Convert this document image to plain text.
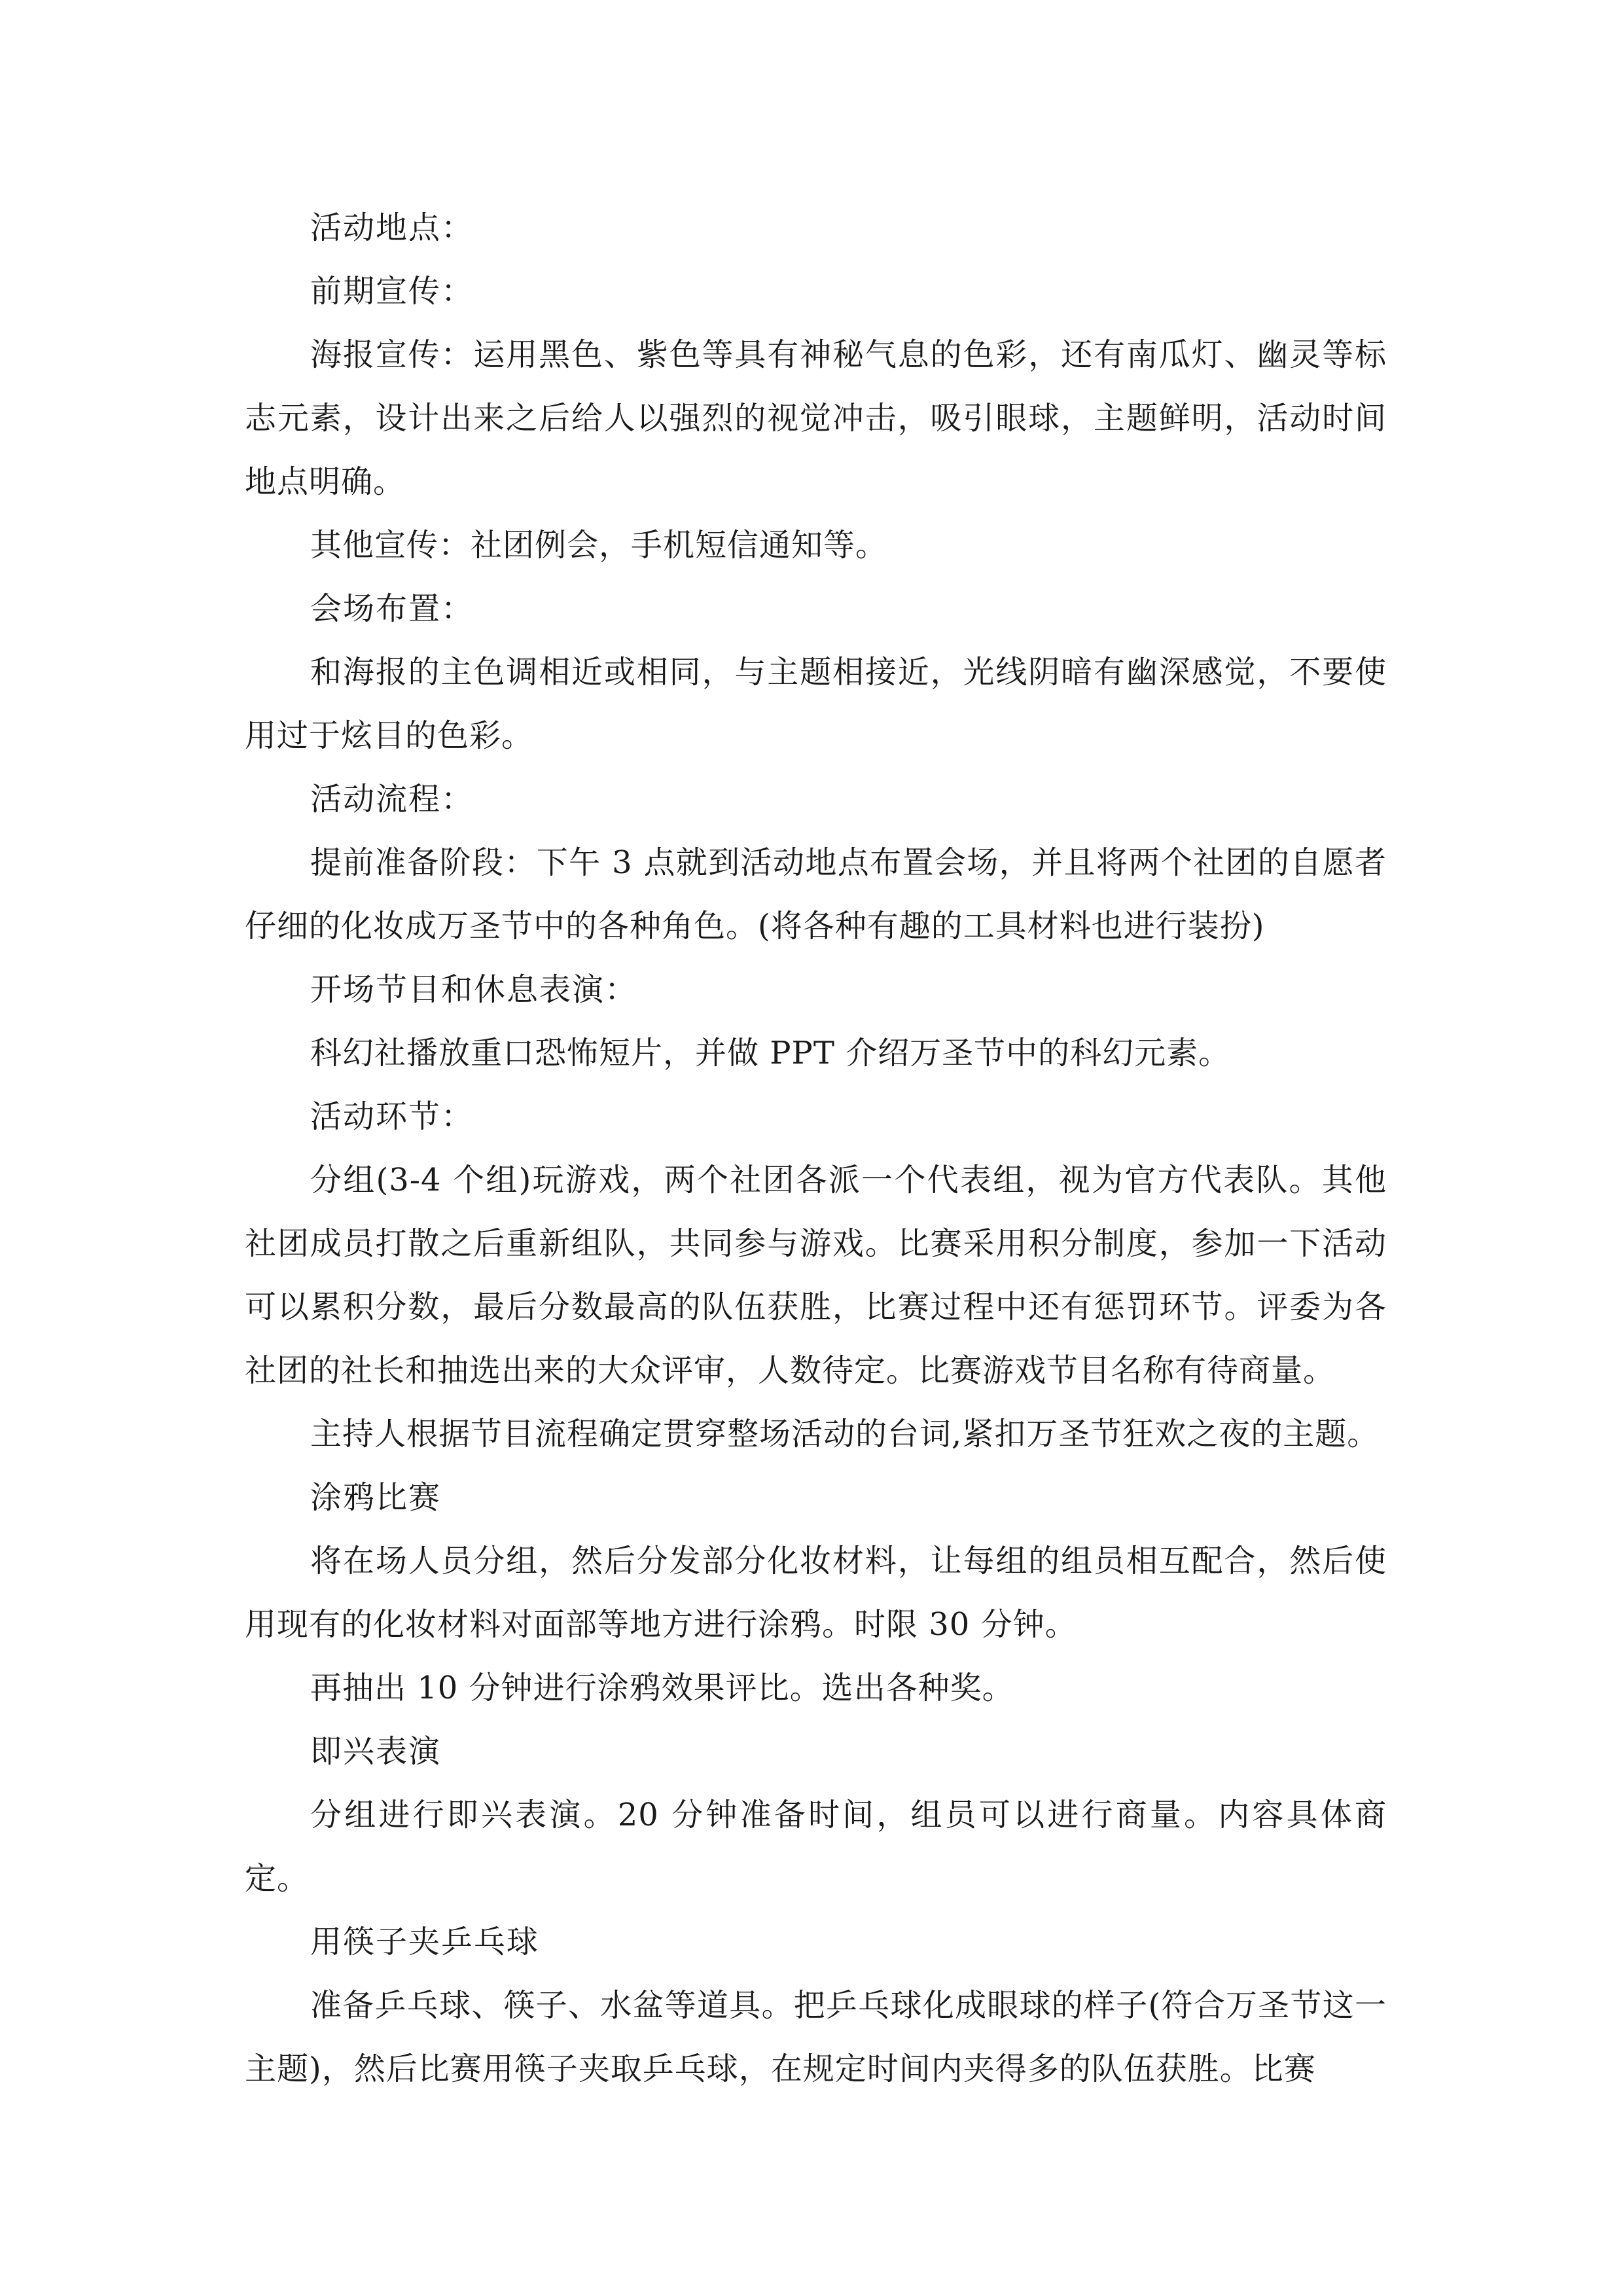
活动地点：

前期宣传：

海报宣传：运用黑色、紫色等具有神秘气息的色彩，还有南瓜灯、幽灵等标志元素，设计出来之后给人以强烈的视觉冲击，吸引眼球，主题鲜明，活动时间地点明确。

其他宣传：社团例会，手机短信通知等。

会场布置：

和海报的主色调相近或相同，与主题相接近，光线阴暗有幽深感觉，不要使用过于炫目的色彩。

活动流程：

提前准备阶段：下午 3 点就到活动地点布置会场，并且将两个社团的自愿者仔细的化妆成万圣节中的各种角色。(将各种有趣的工具材料也进行装扮)

开场节目和休息表演：

科幻社播放重口恐怖短片，并做 PPT 介绍万圣节中的科幻元素。

活动环节：

分组(3-4 个组)玩游戏，两个社团各派一个代表组，视为官方代表队。其他社团成员打散之后重新组队，共同参与游戏。比赛采用积分制度，参加一下活动可以累积分数，最后分数最高的队伍获胜，比赛过程中还有惩罚环节。评委为各社团的社长和抽选出来的大众评审，人数待定。比赛游戏节目名称有待商量。

主持人根据节目流程确定贯穿整场活动的台词,紧扣万圣节狂欢之夜的主题。

涂鸦比赛

将在场人员分组，然后分发部分化妆材料，让每组的组员相互配合，然后使用现有的化妆材料对面部等地方进行涂鸦。时限 30 分钟。

再抽出 10 分钟进行涂鸦效果评比。选出各种奖。

即兴表演

分组进行即兴表演。20 分钟准备时间，组员可以进行商量。内容具体商定。

用筷子夹乒乓球

准备乒乓球、筷子、水盆等道具。把乒乓球化成眼球的样子(符合万圣节这一主题)，然后比赛用筷子夹取乒乓球，在规定时间内夹得多的队伍获胜。比赛
